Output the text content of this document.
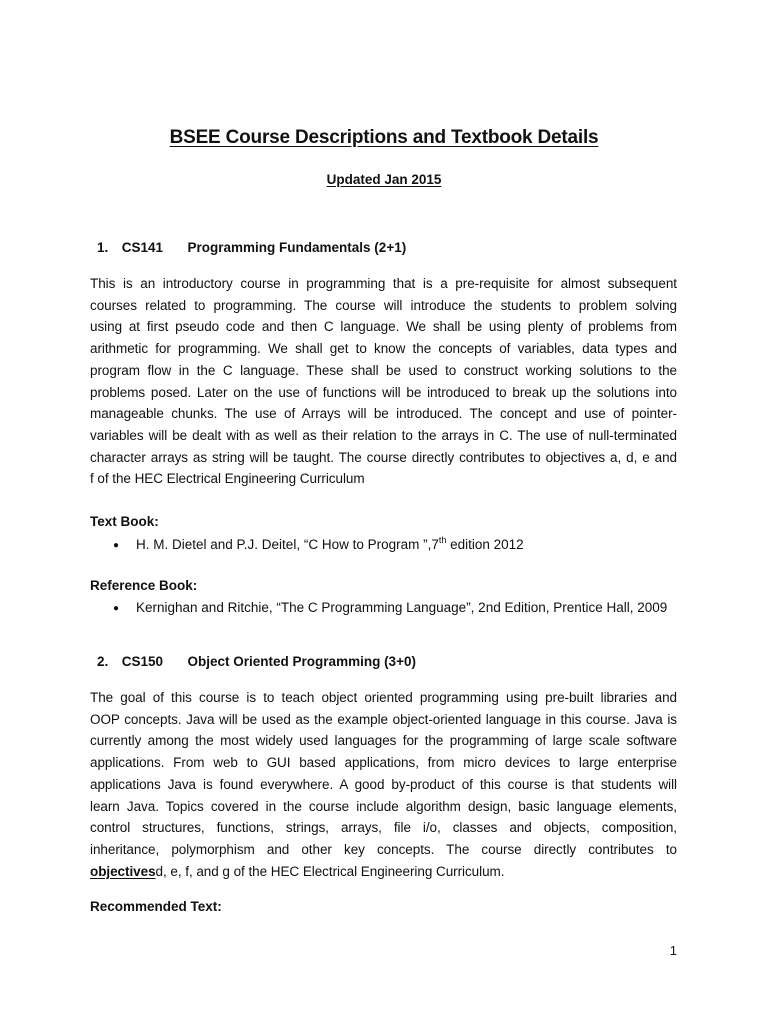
BSEE Course Descriptions and Textbook Details
Updated Jan 2015
1. CS141 Programming Fundamentals (2+1)
This is an introductory course in programming that is a pre-requisite for almost subsequent
courses related to programming. The course will introduce the students to problem solving
using at first pseudo code and then C language. We shall be using plenty of problems from
arithmetic for programming. We shall get to know the concepts of variables, data types and
program flow in the C language. These shall be used to construct working solutions to the
problems posed. Later on the use of functions will be introduced to break up the solutions into
manageable chunks. The use of Arrays will be introduced. The concept and use of pointer-
variables will be dealt with as well as their relation to the arrays in C. The use of null-terminated
character arrays as string will be taught. The course directly contributes to objectives a, d, e and
f of the HEC Electrical Engineering Curriculum
Text Book:
● H. M. Dietel and P.J. Deitel, “C How to Program ”,7th edition 2012
Reference Book:
● Kernighan and Ritchie, “The C Programming Language”, 2nd Edition, Prentice Hall, 2009
2. CS150 Object Oriented Programming (3+0)
The goal of this course is to teach object oriented programming using pre-built libraries and
OOP concepts. Java will be used as the example object-oriented language in this course. Java is
currently among the most widely used languages for the programming of large scale software
applications. From web to GUI based applications, from micro devices to large enterprise
applications Java is found everywhere. A good by-product of this course is that students will
learn Java. Topics covered in the course include algorithm design, basic language elements,
control structures, functions, strings, arrays, file i/o, classes and objects, composition,
inheritance, polymorphism and other key concepts. The course directly contributes to
objectivesd, e, f, and g of the HEC Electrical Engineering Curriculum.
Recommended Text:
1
